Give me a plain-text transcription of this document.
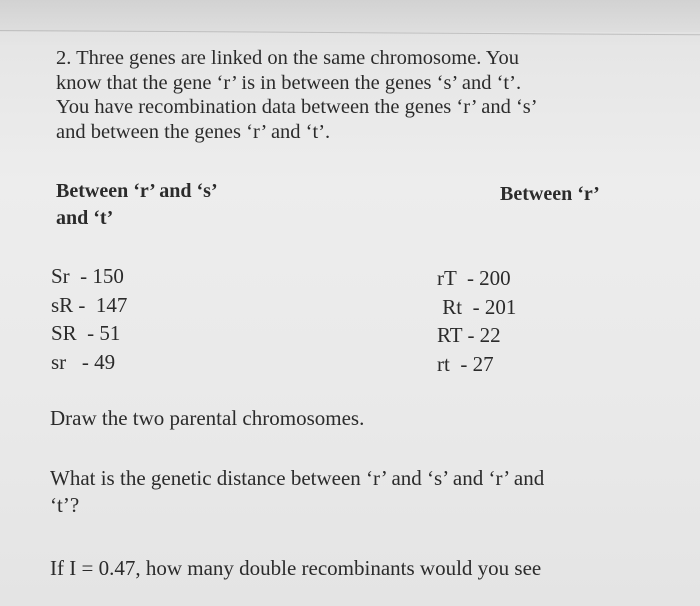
2. Three genes are linked on the same chromosome. You
know that the gene ‘r’ is in between the genes ‘s’ and ‘t’.
You have recombination data between the genes ‘r’ and ‘s’
and between the genes ‘r’ and ‘t’.
Between ‘r’ and ‘s’
and ‘t’
Between ‘r’
Sr  - 150
sR -  147
SR  - 51
sr   - 49
rT  - 200
Rt  - 201
RT - 22
rt  - 27
Draw the two parental chromosomes.
What is the genetic distance between ‘r’ and ‘s’ and ‘r’ and
‘t’?
If I = 0.47, how many double recombinants would you see
